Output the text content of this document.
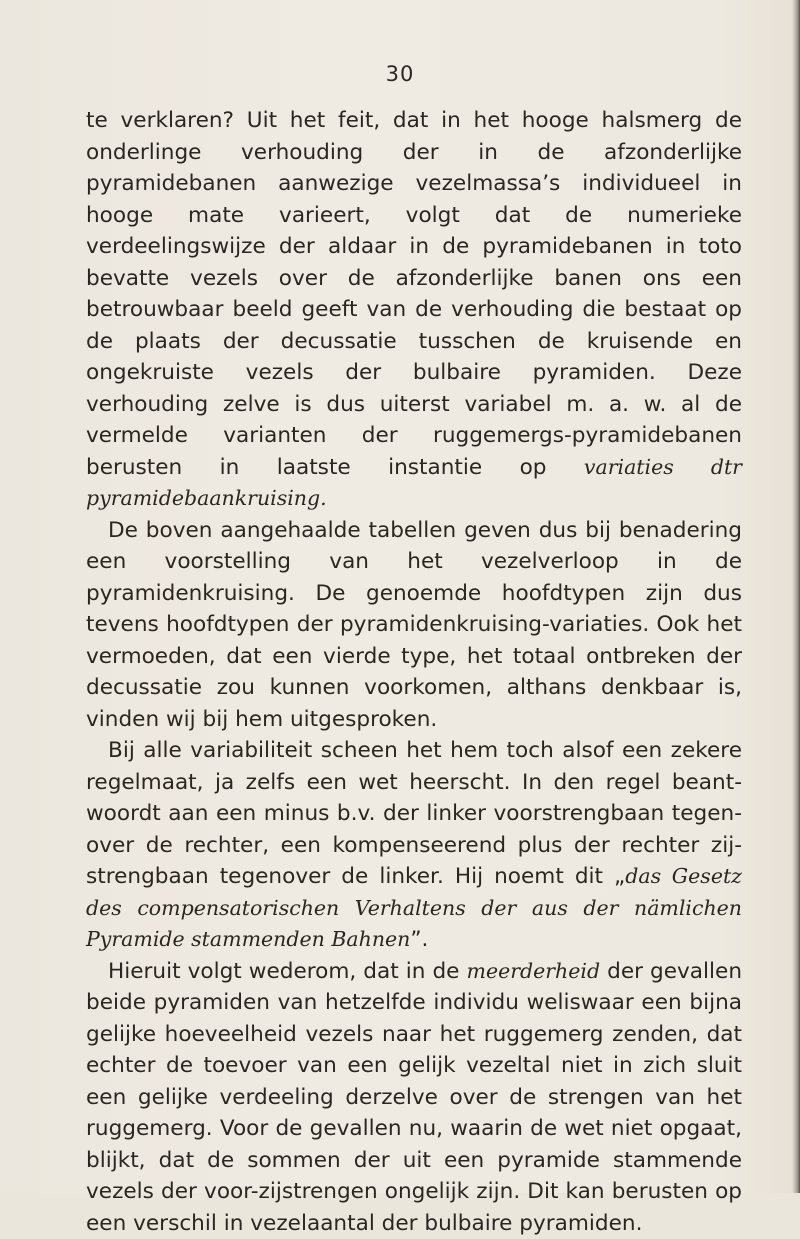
30

te verklaren? Uit het feit, dat in het hooge halsmerg de onderlinge verhouding der in de afzonderlijke pyramidebanen aanwezige vezelmassa’s individueel in hooge mate varieert, volgt dat de numerieke verdeelingswijze der aldaar in de pyramidebanen in toto bevatte vezels over de afzonderlijke banen ons een betrouwbaar beeld geeft van de verhouding die bestaat op de plaats der decussatie tusschen de kruisende en ongekruiste vezels der bulbaire pyramiden. Deze verhouding zelve is dus uiterst variabel m. a. w. al de vermelde varianten der ruggemergs-pyramidebanen berusten in laatste instantie op variaties dtr pyramidebaankruising.

De boven aangehaalde tabellen geven dus bij benadering een voorstelling van het vezelverloop in de pyramidenkruising. De genoemde hoofdtypen zijn dus tevens hoofdtypen der pyramidenkruising-variaties. Ook het vermoeden, dat een vierde type, het totaal ontbreken der decussatie zou kunnen voorkomen, althans denkbaar is, vinden wij bij hem uitgesproken.

Bij alle variabiliteit scheen het hem toch alsof een zekere regelmaat, ja zelfs een wet heerscht. In den regel beantwoordt aan een minus b.v. der linker voorstrengbaan tegenover de rechter, een kompenseerend plus der rechter zijstrengbaan tegenover de linker. Hij noemt dit „das Gesetz des compensatorischen Verhaltens der aus der nämlichen Pyramide stammenden Bahnen”.

Hieruit volgt wederom, dat in de meerderheid der gevallen beide pyramiden van hetzelfde individu weliswaar een bijna gelijke hoeveelheid vezels naar het ruggemerg zenden, dat echter de toevoer van een gelijk vezeltal niet in zich sluit een gelijke verdeeling derzelve over de strengen van het ruggemerg. Voor de gevallen nu, waarin de wet niet opgaat, blijkt, dat de sommen der uit een pyramide stammende vezels der voor-zijstrengen ongelijk zijn. Dit kan berusten op een verschil in vezelaantal der bulbaire pyramiden.
